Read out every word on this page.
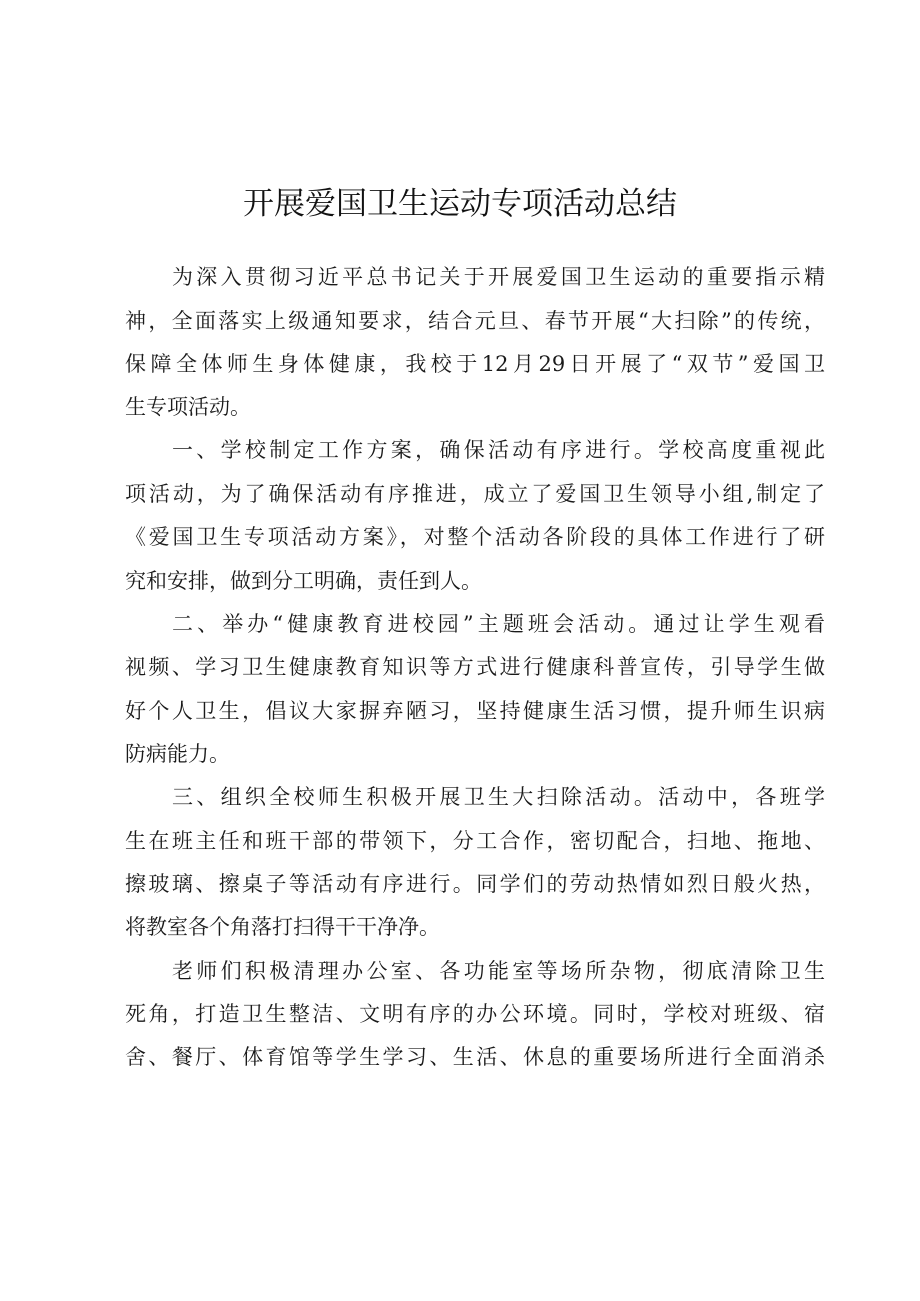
开展爱国卫生运动专项活动总结
为深入贯彻习近平总书记关于开展爱国卫生运动的重要指示精
神，全面落实上级通知要求，结合元旦、春节开展“大扫除”的传统，
保障全体师生身体健康，我校于12月29日开展了“双节”爱国卫
生专项活动。
一、学校制定工作方案，确保活动有序进行。学校高度重视此
项活动，为了确保活动有序推进，成立了爱国卫生领导小组,制定了
《爱国卫生专项活动方案》，对整个活动各阶段的具体工作进行了研
究和安排，做到分工明确，责任到人。
二、举办“健康教育进校园”主题班会活动。通过让学生观看
视频、学习卫生健康教育知识等方式进行健康科普宣传，引导学生做
好个人卫生，倡议大家摒弃陋习，坚持健康生活习惯，提升师生识病
防病能力。
三、组织全校师生积极开展卫生大扫除活动。活动中，各班学
生在班主任和班干部的带领下，分工合作，密切配合，扫地、拖地、
擦玻璃、擦桌子等活动有序进行。同学们的劳动热情如烈日般火热，
将教室各个角落打扫得干干净净。
老师们积极清理办公室、各功能室等场所杂物，彻底清除卫生
死角，打造卫生整洁、文明有序的办公环境。同时，学校对班级、宿
舍、餐厅、体育馆等学生学习、生活、休息的重要场所进行全面消杀
